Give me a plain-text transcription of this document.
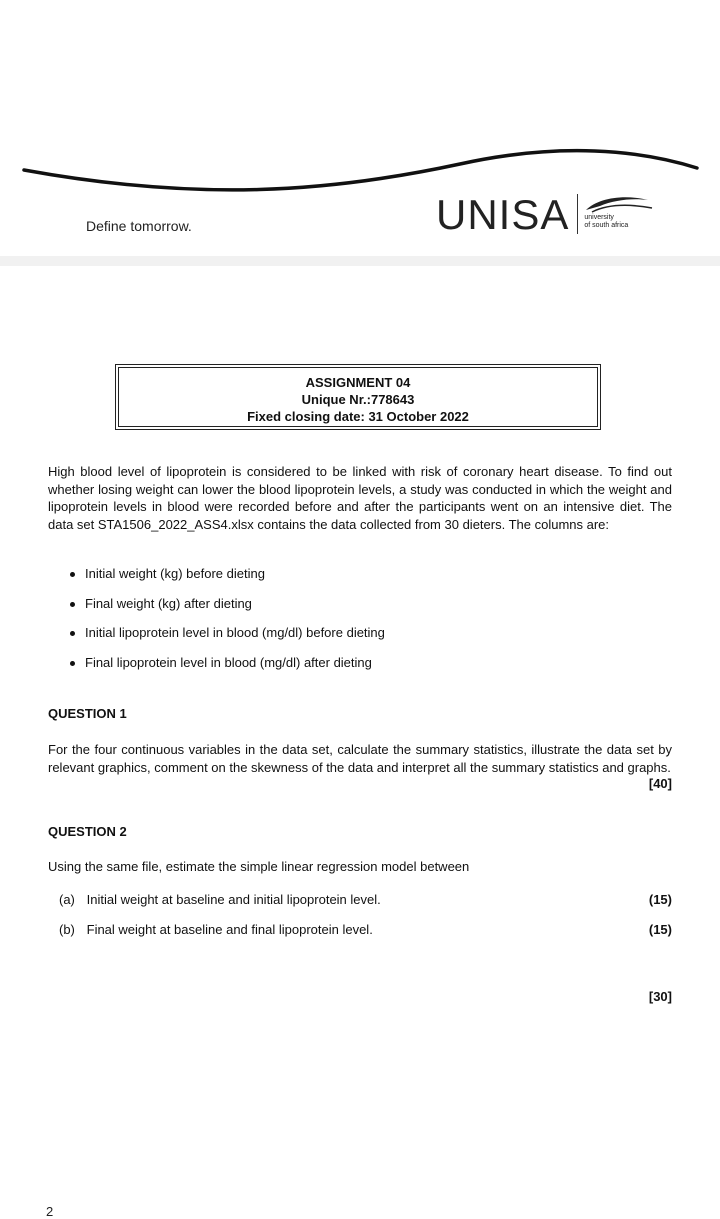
Define tomorrow.	UNISA university
of south africa
ASSIGNMENT 04
Unique Nr.:778643
Fixed closing date: 31 October 2022
High blood level of lipoprotein is considered to be linked with risk of coronary heart disease. To find out whether losing weight can lower the blood lipoprotein levels, a study was conducted in which the weight and lipoprotein levels in blood were recorded before and after the participants went on an intensive diet. The data set STA1506_2022_ASS4.xlsx contains the data collected from 30 dieters. The columns are:
Initial weight (kg) before dieting
Final weight (kg) after dieting
Initial lipoprotein level in blood (mg/dl) before dieting
Final lipoprotein level in blood (mg/dl) after dieting
QUESTION 1
For the four continuous variables in the data set, calculate the summary statistics, illustrate the data set by relevant graphics, comment on the skewness of the data and interpret all the summary statistics and graphs.
[40]
QUESTION 2
Using the same file, estimate the simple linear regression model between
(a) Initial weight at baseline and initial lipoprotein level.	(15)
(b) Final weight at baseline and final lipoprotein level.	(15)
[30]
2
